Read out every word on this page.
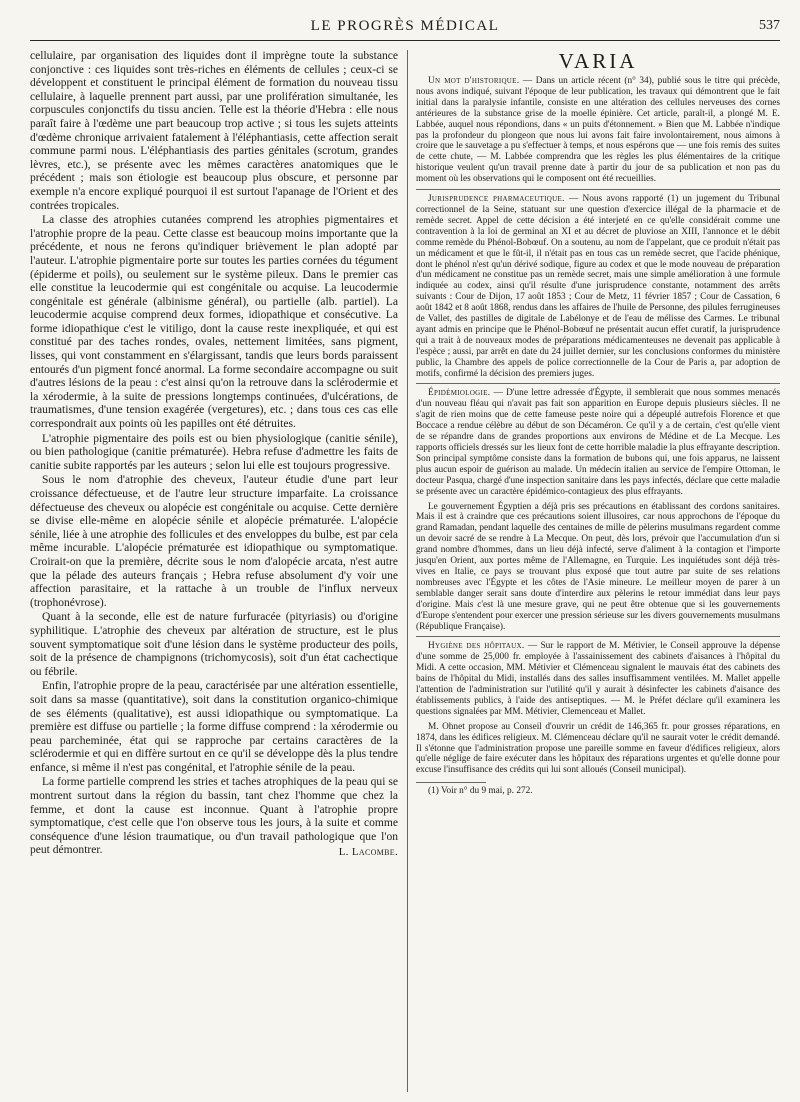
LE PROGRÈS MÉDICAL	537

cellulaire, par organisation des liquides dont il imprègne toute la substance conjonctive : ces liquides sont très-riches en éléments de cellules ; ceux-ci se développent et constituent le principal élément de formation du nouveau tissu cellulaire, à laquelle prennent part aussi, par une prolifération simultanée, les corpuscules conjonctifs du tissu ancien. Telle est la théorie d'Hebra : elle nous paraît faire à l'œdème une part beaucoup trop active ; si tous les sujets atteints d'œdème chronique arrivaient fatalement à l'éléphantiasis, cette affection serait commune parmi nous. L'éléphantiasis des parties génitales (scrotum, grandes lèvres, etc.), se présente avec les mêmes caractères anatomiques que le précédent ; mais son étiologie est beaucoup plus obscure, et personne par exemple n'a encore expliqué pourquoi il est surtout l'apanage de l'Orient et des contrées tropicales.

La classe des atrophies cutanées comprend les atrophies pigmentaires et l'atrophie propre de la peau. Cette classe est beaucoup moins importante que la précédente, et nous ne ferons qu'indiquer brièvement le plan adopté par l'auteur. L'atrophie pigmentaire porte sur toutes les parties cornées du tégument (épiderme et poils), ou seulement sur le système pileux. Dans le premier cas elle constitue la leucodermie qui est congénitale ou acquise. La leucodermie congénitale est générale (albinisme général), ou partielle (alb. partiel). La leucodermie acquise comprend deux formes, idiopathique et consécutive. La forme idiopathique c'est le vitiligo, dont la cause reste inexpliquée, et qui est constitué par des taches rondes, ovales, nettement limitées, sans pigment, lisses, qui vont constamment en s'élargissant, tandis que leurs bords paraissent entourés d'un pigment foncé anormal. La forme secondaire accompagne ou suit d'autres lésions de la peau : c'est ainsi qu'on la retrouve dans la sclérodermie et la xérodermie, à la suite de pressions longtemps continuées, d'ulcérations, de traumatismes, d'une tension exagérée (vergetures), etc. ; dans tous ces cas elle correspondrait aux points où les papilles ont été détruites.

L'atrophie pigmentaire des poils est ou bien physiologique (canitie sénile), ou bien pathologique (canitie prématurée). Hebra refuse d'admettre les faits de canitie subite rapportés par les auteurs ; selon lui elle est toujours progressive.

Sous le nom d'atrophie des cheveux, l'auteur étudie d'une part leur croissance défectueuse, et de l'autre leur structure imparfaite. La croissance défectueuse des cheveux ou alopécie est congénitale ou acquise. Cette dernière se divise elle-même en alopécie sénile et alopécie prématurée. L'alopécie sénile, liée à une atrophie des follicules et des enveloppes du bulbe, est par cela même incurable. L'alopécie prématurée est idiopathique ou symptomatique. Croirait-on que la première, décrite sous le nom d'alopécie arcata, n'est autre que la pélade des auteurs français ; Hebra refuse absolument d'y voir une affection parasitaire, et la rattache à un trouble de l'influx nerveux (trophonévrose).

Quant à la seconde, elle est de nature furfuracée (pityriasis) ou d'origine syphilitique. L'atrophie des cheveux par altération de structure, est le plus souvent symptomatique soit d'une lésion dans le système producteur des poils, soit de la présence de champignons (trichomycosis), soit d'un état cachectique ou fébrile.

Enfin, l'atrophie propre de la peau, caractérisée par une altération essentielle, soit dans sa masse (quantitative), soit dans la constitution organico-chimique de ses éléments (qualitative), est aussi idiopathique ou symptomatique. La première est diffuse ou partielle ; la forme diffuse comprend : la xérodermie ou peau parcheminée, état qui se rapproche par certains caractères de la sclérodermie et qui en diffère surtout en ce qu'il se développe dès la plus tendre enfance, si même il n'est pas congénital, et l'atrophie sénile de la peau.

La forme partielle comprend les stries et taches atrophiques de la peau qui se montrent surtout dans la région du bassin, tant chez l'homme que chez la femme, et dont la cause est inconnue. Quant à l'atrophie propre symptomatique, c'est celle que l'on observe tous les jours, à la suite et comme conséquence d'une lésion traumatique, ou d'un travail pathologique que l'on peut démontrer.	L. Lacombe.
VARIA

Un mot d'historique. — Dans un article récent (n° 34), publié sous le titre qui précède, nous avons indiqué, suivant l'époque de leur publication, les travaux qui démontrent que le fait initial dans la paralysie infantile, consiste en une altération des cellules nerveuses des cornes antérieures de la substance grise de la moelle épinière. Cet article, paraît-il, a plongé M. E. Labbée, auquel nous répondions, dans « un puits d'étonnement. » Bien que M. Labbée n'indique pas la profondeur du plongeon que nous lui avons fait faire involontairement, nous aimons à croire que le sauvetage a pu s'effectuer à temps, et nous espérons que — une fois remis des suites de cette chute, — M. Labbée comprendra que les règles les plus élémentaires de la critique historique veulent qu'un travail prenne date à partir du jour de sa publication et non pas du moment où les observations qui le composent ont été recueillies.

Jurisprudence pharmaceutique. — Nous avons rapporté (1) un jugement du Tribunal correctionnel de la Seine, statuant sur une question d'exercice illégal de la pharmacie et de remède secret. Appel de cette décision a été interjeté en ce qu'elle considérait comme une contravention à la loi de germinal an XI et au décret de pluviose an XIII, l'annonce et le débit comme remède du Phénol-Bobœuf. On a soutenu, au nom de l'appelant, que ce produit n'était pas un médicament et que le fût-il, il n'était pas en tous cas un remède secret, que l'acide phénique, dont le phénol n'est qu'un dérivé sodique, figure au codex et que le mode nouveau de préparation d'un médicament ne constitue pas un remède secret, mais une simple amélioration à une formule indiquée au codex, ainsi qu'il résulte d'une jurisprudence constante, notamment des arrêts suivants : Cour de Dijon, 17 août 1853 ; Cour de Metz, 11 février 1857 ; Cour de Cassation, 6 août 1842 et 8 août 1868, rendus dans les affaires de l'huile de Personne, des pilules ferrugineuses de Vallet, des pastilles de digitale de Labélonye et de l'eau de mélisse des Carmes. Le tribunal ayant admis en principe que le Phénol-Bobœuf ne présentait aucun effet curatif, la jurisprudence qui a trait à de nouveaux modes de préparations médicamenteuses ne devenait pas applicable à l'espèce ; aussi, par arrêt en date du 24 juillet dernier, sur les conclusions conformes du ministère public, la Chambre des appels de police correctionnelle de la Cour de Paris a, par adoption de motifs, confirmé la décision des premiers juges.

Épidémiologie. — D'une lettre adressée d'Égypte, il semblerait que nous sommes menacés d'un nouveau fléau qui n'avait pas fait son apparition en Europe depuis plusieurs siècles. Il ne s'agit de rien moins que de cette fameuse peste noire qui a dépeuplé autrefois Florence et que Boccace a rendue célèbre au début de son Décaméron. Ce qu'il y a de certain, c'est qu'elle vient de se répandre dans de grandes proportions aux environs de Médine et de La Mecque. Les rapports officiels dressés sur les lieux font de cette horrible maladie la plus effrayante description. Son principal symptôme consiste dans la formation de bubons qui, une fois apparus, ne laissent plus aucun espoir de guérison au malade. Un médecin italien au service de l'empire Ottoman, le docteur Pasqua, chargé d'une inspection sanitaire dans les pays infectés, déclare que cette maladie se présente avec un caractère épidémico-contagieux des plus effrayants.

Le gouvernement Égyptien a déjà pris ses précautions en établissant des cordons sanitaires. Mais il est à craindre que ces précautions soient illusoires, car nous approchons de l'époque du grand Ramadan, pendant laquelle des centaines de mille de pèlerins musulmans regardent comme un devoir sacré de se rendre à La Mecque. On peut, dès lors, prévoir que l'accumulation d'un si grand nombre d'hommes, dans un lieu déjà infecté, serve d'aliment à la contagion et l'importe jusqu'en Orient, aux portes même de l'Allemagne, en Turquie. Les inquiétudes sont déjà très-vives en Italie, ce pays se trouvant plus exposé que tout autre par suite de ses relations nombreuses avec l'Égypte et les côtes de l'Asie mineure. Le meilleur moyen de parer à un semblable danger serait sans doute d'interdire aux pèlerins le retour immédiat dans leur pays d'origine. Mais c'est là une mesure grave, qui ne peut être obtenue que si les gouvernements d'Europe s'entendent pour exercer une pression sérieuse sur les divers gouvernements musulmans (République Française).

Hygiène des hôpitaux. — Sur le rapport de M. Métivier, le Conseil approuve la dépense d'une somme de 25,000 fr. employée à l'assainissement des cabinets d'aisances à l'hôpital du Midi. A cette occasion, MM. Métivier et Clémenceau signalent le mauvais état des cabinets des bains de l'hôpital du Midi, installés dans des salles insuffisamment ventilées. M. Mallet appelle l'attention de l'administration sur l'utilité qu'il y aurait à désinfecter les cabinets d'aisance des établissements publics, à l'aide des antiseptiques. — M. le Préfet déclare qu'il examinera les questions signalées par MM. Métivier, Clemenceau et Mallet.

M. Ohnet propose au Conseil d'ouvrir un crédit de 146,365 fr. pour grosses réparations, en 1874, dans les édifices religieux. M. Clémenceau déclare qu'il ne saurait voter le crédit demandé. Il s'étonne que l'administration propose une pareille somme en faveur d'édifices religieux, alors qu'elle néglige de faire exécuter dans les hôpitaux des réparations urgentes et qu'elle donne pour excuse l'insuffisance des crédits qui lui sont alloués (Conseil municipal).

(1) Voir n° du 9 mai, p. 272.
